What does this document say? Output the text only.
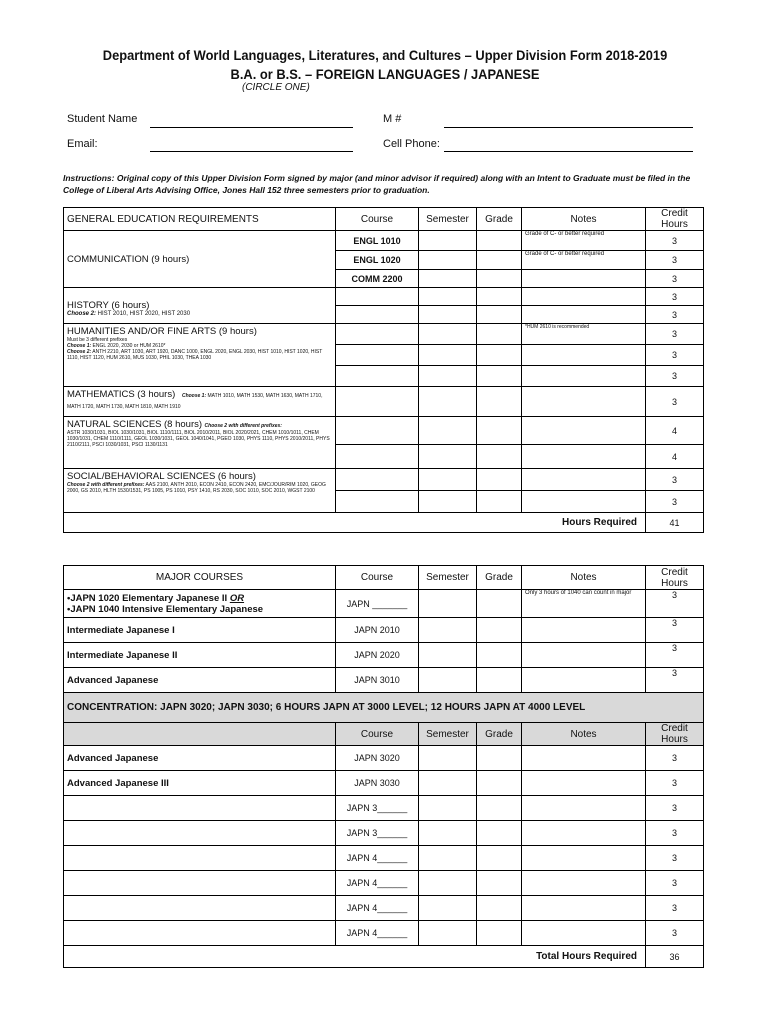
Department of World Languages, Literatures, and Cultures – Upper Division Form 2018-2019
B.A. or B.S. – FOREIGN LANGUAGES / JAPANESE
(CIRCLE ONE)
Student Name	M #
Email:	Cell Phone:
Instructions: Original copy of this Upper Division Form signed by major (and minor advisor if required) along with an Intent to Graduate must be filed in the College of Liberal Arts Advising Office, Jones Hall 152 three semesters prior to graduation.
GENERAL EDUCATION REQUIREMENTS	Course	Semester	Grade	Notes	Credit Hours
COMMUNICATION (9 hours)	ENGL 1010			Grade of C- or better required	3
	ENGL 1020			Grade of C- or better required	3
	COMM 2200				3

HISTORY (6 hours)
Choose 2: HIST 2010, HIST 2020, HIST 2030					3
					3

HUMANITIES AND/OR FINE ARTS (9 hours)
Must be 3 different prefixes
Choose 1: ENGL 2020, 2030 or HUM 2610*
Choose 2: ANTH 2210, ART 1030, ART 1920, DANC 1000, ENGL 2020, ENGL 2030, HIST 1010, HIST 1020, HIST 1110, HIST 1120, HUM 2610, MUS 1030, PHIL 1030, THEA 1030				*HUM 2610 is recommended	3
					3
					3
MATHEMATICS (3 hours) Choose 1: MATH 1010, MATH 1530, MATH 1630, MATH 1710, MATH 1720, MATH 1730, MATH 1810, MATH 1910					3

NATURAL SCIENCES (8 hours) Choose 2 with different prefixes:
ASTR 1030/1031, BIOL 1030/1031, BIOL 1110/1111, BIOL 2010/2011, BIOL 2020/2021, CHEM 1010/1011, CHEM 1030/1031, CHEM 1110/1111, GEOL 1030/1031, GEOL 1040/1041, PGEO 1030, PHYS 1110, PHYS 2010/2011, PHYS 2110/2111, PSCI 1030/1031, PSCI 1130/1131					4
					4

SOCIAL/BEHAVIORAL SCIENCES (6 hours)
Choose 2 with different prefixes: AAS 2100, ANTH 2010, ECON 2410, ECON 2420, EMC/JOUR/RIM 1020, GEOG 2000, GS 2010, HLTH 1530/1531, PS 1005, PS 1010, PSY 1410, RS 2030, SOC 1010, SOC 2010, WGST 2100					3
					3
Hours Required					41
MAJOR COURSES	Course	Semester	Grade	Notes	Credit Hours

•JAPN 1020 Elementary Japanese II OR
•JAPN 1040 Intensive Elementary Japanese	JAPN _______			Only 3 hours of 1040 can count in major	3
Intermediate Japanese I	JAPN 2010				3
Intermediate Japanese II	JAPN 2020				3
Advanced Japanese	JAPN 3010				3
CONCENTRATION: JAPN 3020; JAPN 3030; 6 HOURS JAPN AT 3000 LEVEL; 12 HOURS JAPN AT 4000 LEVEL					
	Course	Semester	Grade	Notes	Credit Hours
Advanced Japanese	JAPN 3020				3
Advanced Japanese III	JAPN 3030				3
	JAPN 3______				3
	JAPN 3______				3
	JAPN 4______				3
	JAPN 4______				3
	JAPN 4______				3
	JAPN 4______				3
Total Hours Required					36
